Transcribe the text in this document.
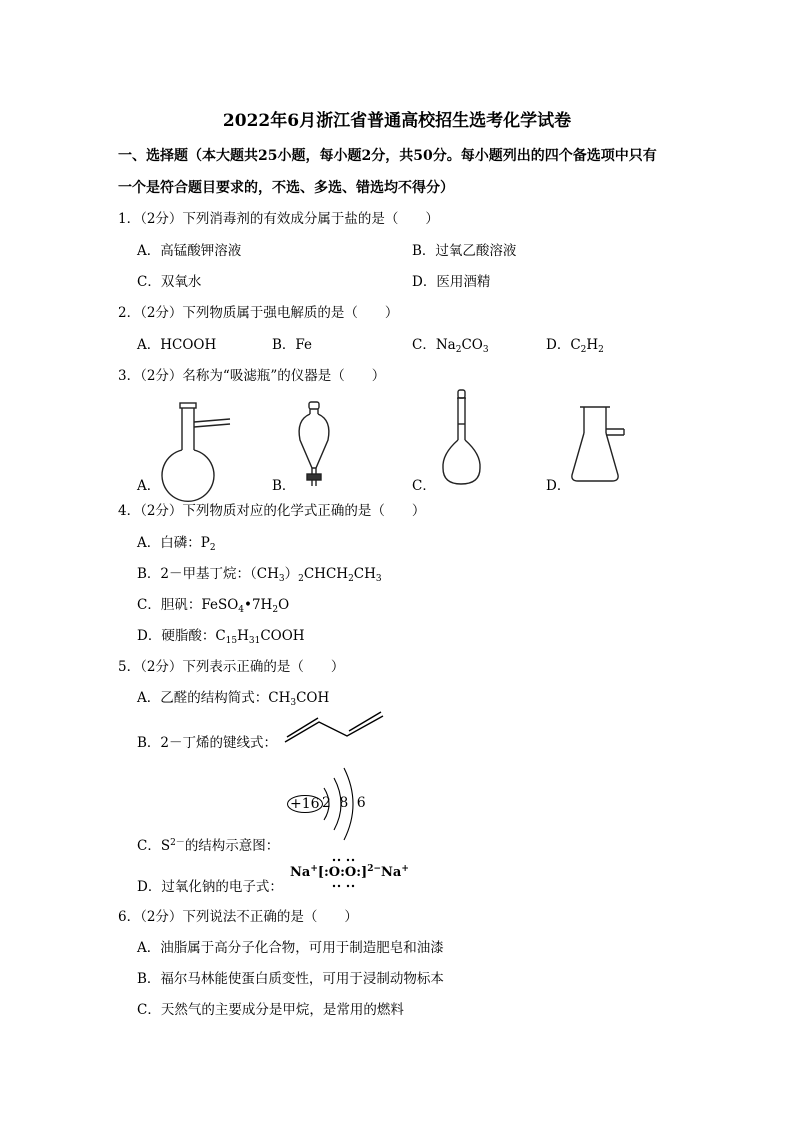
2022年6月浙江省普通高校招生选考化学试卷
一、选择题（本大题共25小题，每小题2分，共50分。每小题列出的四个备选项中只有
一个是符合题目要求的，不选、多选、错选均不得分）
1．（2分）下列消毒剂的有效成分属于盐的是（　　）
A．高锰酸钾溶液	B．过氧乙酸溶液
C．双氧水	D．医用酒精
2．（2分）下列物质属于强电解质的是（　　）
A．HCOOH	B．Fe	C．$Na_2CO_3$	D．$C_2H_2$
3．（2分）名称为“吸滤瓶”的仪器是（　　）
A．	B．	C．	D．
4．（2分）下列物质对应的化学式正确的是（　　）
A．白磷：$P_2$
B．2－甲基丁烷：$(CH_3)_2CHCH_2CH_3$
C．胆矾：$FeSO_4•7H_2O$
D．硬脂酸：$C_{15}H_{31}COOH$
5．（2分）下列表示正确的是（　　）
A．乙醛的结构简式：$CH_3COH$
B．2－丁烯的键线式：
+16 2 8 6
C．$S^{2-}$的结构示意图：
Na+[:O:O:]$^{2-}$Na+
D．过氧化钠的电子式：
6．（2分）下列说法不正确的是（　　）
A．油脂属于高分子化合物，可用于制造肥皂和油漆
B．福尔马林能使蛋白质变性，可用于浸制动物标本
C．天然气的主要成分是甲烷，是常用的燃料
